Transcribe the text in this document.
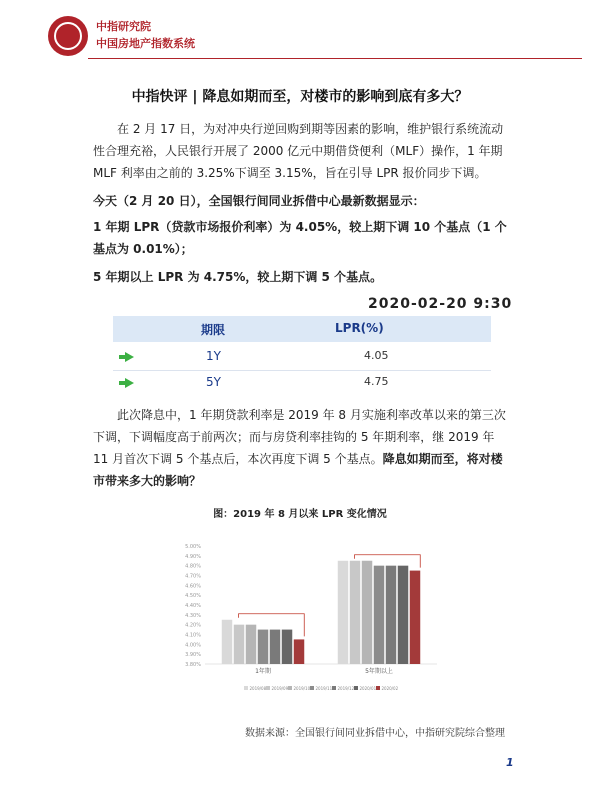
中指研究院
中国房地产指数系统
中指快评 | 降息如期而至，对楼市的影响到底有多大？
在 2 月 17 日，为对冲央行逆回购到期等因素的影响，维护银行系统流动性合理充裕，人民银行开展了 2000 亿元中期借贷便利（MLF）操作，1 年期 MLF 利率由之前的 3.25%下调至 3.15%，旨在引导 LPR 报价同步下调。
今天（2 月 20 日），全国银行间同业拆借中心最新数据显示：
1 年期 LPR（贷款市场报价利率）为 4.05%，较上期下调 10 个基点（1 个基点为 0.01%）；
5 年期以上 LPR 为 4.75%，较上期下调 5 个基点。
2020-02-20 9:30
期限	LPR(%)
1Y	4.05
5Y	4.75
此次降息中，1 年期贷款利率是 2019 年 8 月实施利率改革以来的第三次下调，下调幅度高于前两次；而与房贷利率挂钩的 5 年期利率，继 2019 年 11 月首次下调 5 个基点后，本次再度下调 5 个基点。降息如期而至，将对楼市带来多大的影响？
图：2019 年 8 月以来 LPR 变化情况
3.80%
3.90%
4.00%
4.10%
4.20%
4.30%
4.40%
4.50%
4.60%
4.70%
4.80%
4.90%
5.00%
1年期	5年期以上
2019/08 2019/09 2019/10 2019/11 2019/12 2020/01 2020/02
数据来源：全国银行间同业拆借中心，中指研究院综合整理
1
